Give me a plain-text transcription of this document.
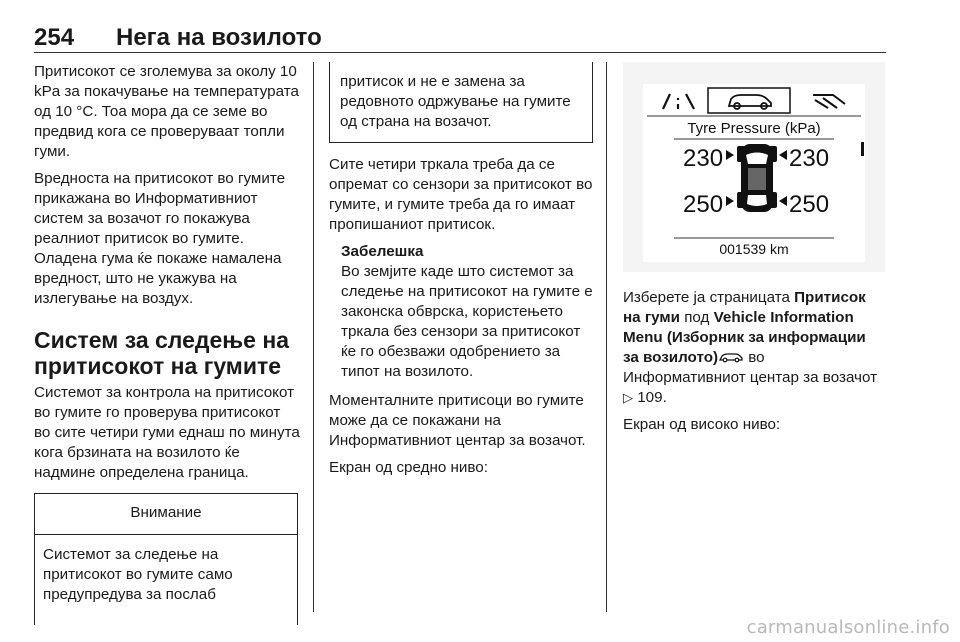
254 Нега на возилото

Притисокот се зголемува за околу 10 kPa за покачување на температурата од 10 °C. Тоа мора да се земе во предвид кога се проверуваат топли гуми.

Вредноста на притисокот во гумите прикажана во Информативниот систем за возачот го покажува реалниот притисок во гумите. Оладена гума ќе покаже намалена вредност, што не укажува на излегување на воздух.

Систем за следење на притисокот на гумите

Системот за контрола на притисокот во гумите го проверува притисокот во сите четири гуми еднаш по минута кога брзината на возилото ќе надмине определена граница.

Внимание
Системот за следење на притисокот во гумите само предупредува за послаб
притисок и не е замена за редовното одржување на гумите од страна на возачот.

Сите четири тркала треба да се опремат со сензори за притисокот во гумите, и гумите треба да го имаат пропишаниот притисок.

Забелешка
Во земјите каде што системот за следење на притисокот на гумите е законска обврска, користењето тркала без сензори за притисокот ќе го обезважи одобрението за типот на возилото.

Моменталните притисоци во гумите може да се покажани на Информативниот центар за возачот.

Екран од средно ниво:

Tyre Pressure (kPa)
230	230
250	250
001539 km

Изберете ја страницата Притисок на гуми под Vehicle Information Menu (Изборник за информации за возилото) во Информативниот центар за возачот ▷ 109.

Екран од високо ниво:

carmanualsonline.info
